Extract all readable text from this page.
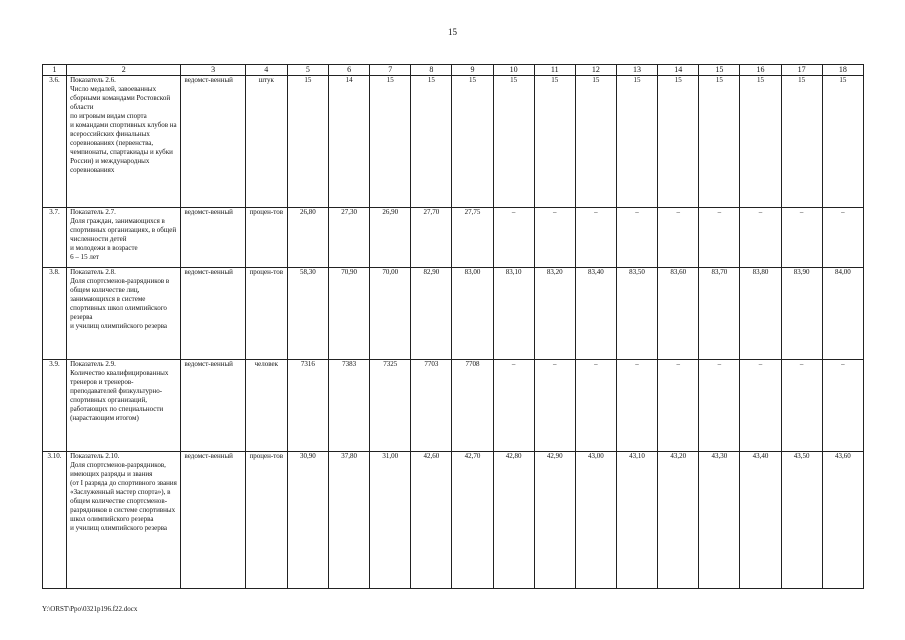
15
1	2	3	4	5	6	7	8	9	10	11	12	13	14	15	16	17	18
3.6.	Показатель 2.6.
Число медалей, завоеванных сборными командами Ростовской области
по игровым видам спорта
и командами спортивных клубов на всероссийских финальных соревнованиях (первенства, чемпионаты, спартакиады и кубки России) и международных соревнованиях	ведомст-венный	штук	15	14	15	15	15	15	15	15	15	15	15	15	15	15
3.7.	Показатель 2.7.
Доля граждан, занимающихся в спортивных организациях, в общей численности детей
и молодежи в возрасте
6 – 15 лет	ведомст-венный	процен-тов	26,80	27,30	26,90	27,70	27,75	–	–	–	–	–	–	–	–	–
3.8.	Показатель 2.8.
Доля спортсменов-разрядников в общем количестве лиц, занимающихся в системе спортивных школ олимпийского резерва
и училищ олимпийского резерва	ведомст-венный	процен-тов	58,30	70,90	70,00	82,90	83,00	83,10	83,20	83,40	83,50	83,60	83,70	83,80	83,90	84,00
3.9.	Показатель 2.9.
Количество квалифицированных тренеров и тренеров-преподавателей физкультурно-спортивных организаций, работающих по специальности (нарастающим итогом)	ведомст-венный	человек	7316	7383	7325	7703	7708	–	–	–	–	–	–	–	–	–
3.10.	Показатель 2.10.
Доля спортсменов-разрядников, имеющих разряды и звания
(от I разряда до спортивного звания «Заслуженный мастер спорта»), в общем количестве спортсменов-разрядников в системе спортивных школ олимпийского резерва
и училищ олимпийского резерва	ведомст-венный	процен-тов	30,90	37,80	31,00	42,60	42,70	42,80	42,90	43,00	43,10	43,20	43,30	43,40	43,50	43,60
Y:\ORST\Ppo\0321p196.f22.docx
